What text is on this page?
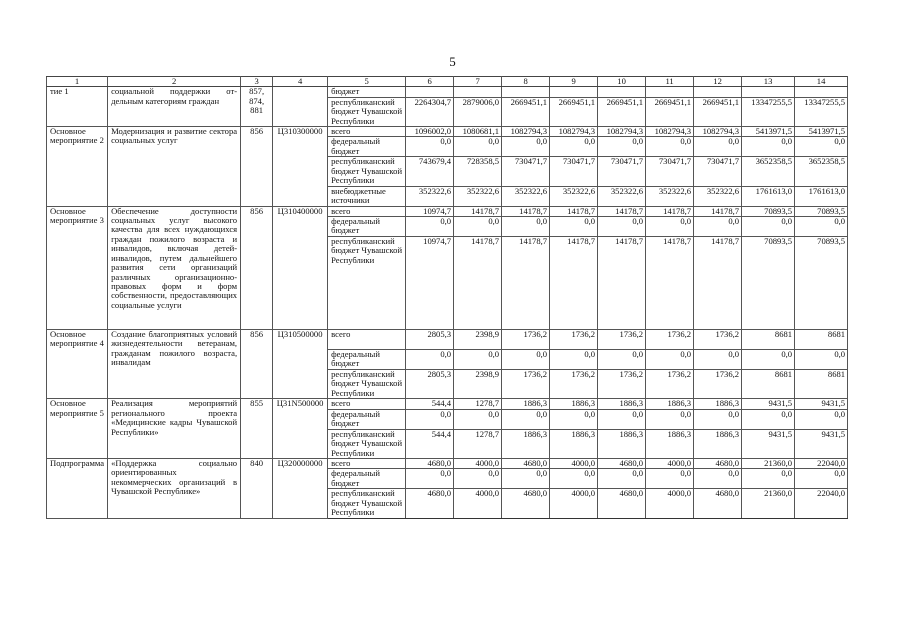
5
1	2	3	4	5	6	7	8	9	10	11	12	13	14
тие 1	социальной поддержки от-дельным категориям граждан	857, 874, 881		бюджет									
				республиканский бюджет Чувашской Республики	2264304,7	2879006,0	2669451,1	2669451,1	2669451,1	2669451,1	2669451,1	13347255,5	13347255,5
Основное мероприятие 2	Модернизация и развитие сектора социальных услуг	856	Ц310300000	всего	1096002,0	1080681,1	1082794,3	1082794,3	1082794,3	1082794,3	1082794,3	5413971,5	5413971,5
				федеральный бюджет	0,0	0,0	0,0	0,0	0,0	0,0	0,0	0,0	0,0
				республиканский бюджет Чувашской Республики	743679,4	728358,5	730471,7	730471,7	730471,7	730471,7	730471,7	3652358,5	3652358,5
				внебюджетные источники	352322,6	352322,6	352322,6	352322,6	352322,6	352322,6	352322,6	1761613,0	1761613,0
Основное мероприятие 3	Обеспечение доступности социальных услуг высокого качества для всех нуждающихся граждан пожилого возраста и инвалидов, включая детей-инвалидов, путем дальнейшего развития сети организаций различных организационно-правовых форм и форм собственности, предоставляющих социальные услуги	856	Ц310400000	всего	10974,7	14178,7	14178,7	14178,7	14178,7	14178,7	14178,7	70893,5	70893,5
				федеральный бюджет	0,0	0,0	0,0	0,0	0,0	0,0	0,0	0,0	0,0
				республиканский бюджет Чувашской Республики	10974,7	14178,7	14178,7	14178,7	14178,7	14178,7	14178,7	70893,5	70893,5
Основное мероприятие 4	Создание благоприятных условий жизнедеятельности ветеранам, гражданам пожилого возраста, инвалидам	856	Ц310500000	всего	2805,3	2398,9	1736,2	1736,2	1736,2	1736,2	1736,2	8681	8681
				федеральный бюджет	0,0	0,0	0,0	0,0	0,0	0,0	0,0	0,0	0,0
				республиканский бюджет Чувашской Республики	2805,3	2398,9	1736,2	1736,2	1736,2	1736,2	1736,2	8681	8681
Основное мероприятие 5	Реализация мероприятий регионального проекта «Медицинские кадры Чувашской Республики»	855	Ц31N500000	всего	544,4	1278,7	1886,3	1886,3	1886,3	1886,3	1886,3	9431,5	9431,5
				федеральный бюджет	0,0	0,0	0,0	0,0	0,0	0,0	0,0	0,0	0,0
				республиканский бюджет Чувашской Республики	544,4	1278,7	1886,3	1886,3	1886,3	1886,3	1886,3	9431,5	9431,5
Подпрограмма	«Поддержка социально ориентированных некоммерческих организаций в Чувашской Республике»	840	Ц320000000	всего	4680,0	4000,0	4680,0	4000,0	4680,0	4000,0	4680,0	21360,0	22040,0
				федеральный бюджет	0,0	0,0	0,0	0,0	0,0	0,0	0,0	0,0	0,0
				республиканский бюджет Чувашской Республики	4680,0	4000,0	4680,0	4000,0	4680,0	4000,0	4680,0	21360,0	22040,0
